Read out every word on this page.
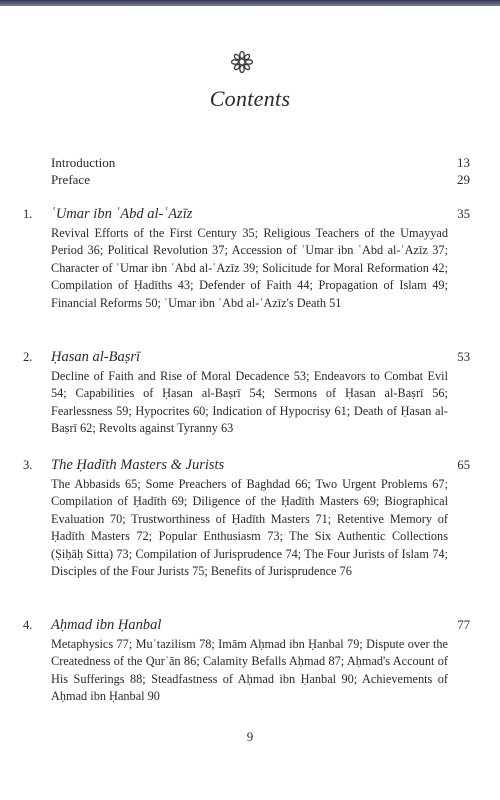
Contents
Introduction	13
Preface	29
1.	ʿUmar ibn ʿAbd al-ʿAzīz	35
Revival Efforts of the First Century 35; Religious Teachers of the Umayyad Period 36; Political Revolution 37; Accession of ʿUmar ibn ʿAbd al-ʿAzīz 37; Character of ʿUmar ibn ʿAbd al-ʿAzīz 39; Solicitude for Moral Reformation 42; Compilation of Ḥadīths 43; Defender of Faith 44; Propagation of Islam 49; Financial Reforms 50; ʿUmar ibn ʿAbd al-ʿAzīz's Death 51
2.	Ḥasan al-Baṣrī	53
Decline of Faith and Rise of Moral Decadence 53; Endeavors to Combat Evil 54; Capabilities of Ḥasan al-Baṣrī 54; Sermons of Ḥasan al-Baṣrī 56; Fearlessness 59; Hypocrites 60; Indication of Hypocrisy 61; Death of Ḥasan al-Baṣrī 62; Revolts against Tyranny 63
3.	The Ḥadīth Masters & Jurists	65
The Abbasids 65; Some Preachers of Baghdad 66; Two Urgent Problems 67; Compilation of Ḥadīth 69; Diligence of the Ḥadīth Masters 69; Biographical Evaluation 70; Trustworthiness of Ḥadīth Masters 71; Retentive Memory of Ḥadīth Masters 72; Popular Enthusiasm 73; The Six Authentic Collections (Ṣiḥāḥ Sitta) 73; Compilation of Jurisprudence 74; The Four Jurists of Islam 74; Disciples of the Four Jurists 75; Benefits of Jurisprudence 76
4.	Aḥmad ibn Ḥanbal	77
Metaphysics 77; Muʿtazilism 78; Imām Aḥmad ibn Ḥanbal 79; Dispute over the Createdness of the Qurʾān 86; Calamity Befalls Aḥmad 87; Aḥmad's Account of His Sufferings 88; Steadfastness of Aḥmad ibn Ḥanbal 90; Achievements of Aḥmad ibn Ḥanbal 90
9
